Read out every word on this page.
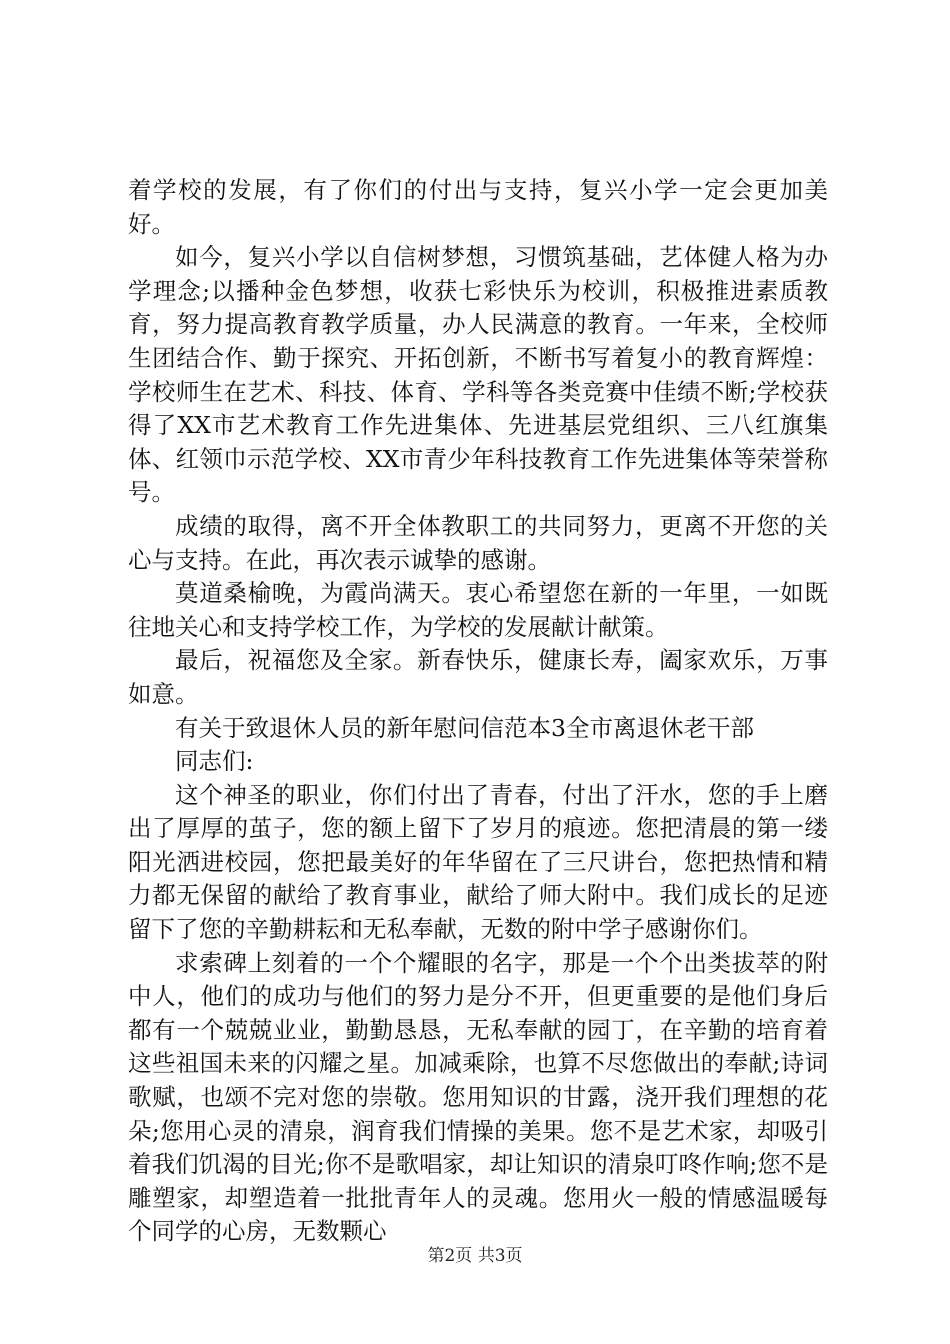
着学校的发展，有了你们的付出与支持，复兴小学一定会更加美好。

如今，复兴小学以自信树梦想，习惯筑基础，艺体健人格为办学理念;以播种金色梦想，收获七彩快乐为校训，积极推进素质教育，努力提高教育教学质量，办人民满意的教育。一年来，全校师生团结合作、勤于探究、开拓创新，不断书写着复小的教育辉煌：学校师生在艺术、科技、体育、学科等各类竞赛中佳绩不断;学校获得了XX市艺术教育工作先进集体、先进基层党组织、三八红旗集体、红领巾示范学校、XX市青少年科技教育工作先进集体等荣誉称号。

成绩的取得，离不开全体教职工的共同努力，更离不开您的关心与支持。在此，再次表示诚挚的感谢。

莫道桑榆晚，为霞尚满天。衷心希望您在新的一年里，一如既往地关心和支持学校工作，为学校的发展献计献策。

最后，祝福您及全家。新春快乐，健康长寿，阖家欢乐，万事如意。

有关于致退休人员的新年慰问信范本3全市离退休老干部

同志们:

这个神圣的职业，你们付出了青春，付出了汗水，您的手上磨出了厚厚的茧子，您的额上留下了岁月的痕迹。您把清晨的第一缕阳光洒进校园，您把最美好的年华留在了三尺讲台，您把热情和精力都无保留的献给了教育事业，献给了师大附中。我们成长的足迹留下了您的辛勤耕耘和无私奉献，无数的附中学子感谢你们。

求索碑上刻着的一个个耀眼的名字，那是一个个出类拔萃的附中人，他们的成功与他们的努力是分不开，但更重要的是他们身后都有一个兢兢业业，勤勤恳恳，无私奉献的园丁，在辛勤的培育着这些祖国未来的闪耀之星。加减乘除，也算不尽您做出的奉献;诗词歌赋，也颂不完对您的崇敬。您用知识的甘露，浇开我们理想的花朵;您用心灵的清泉，润育我们情操的美果。您不是艺术家，却吸引着我们饥渴的目光;你不是歌唱家，却让知识的清泉叮咚作响;您不是雕塑家，却塑造着一批批青年人的灵魂。您用火一般的情感温暖每个同学的心房，无数颗心

第2页 共3页
